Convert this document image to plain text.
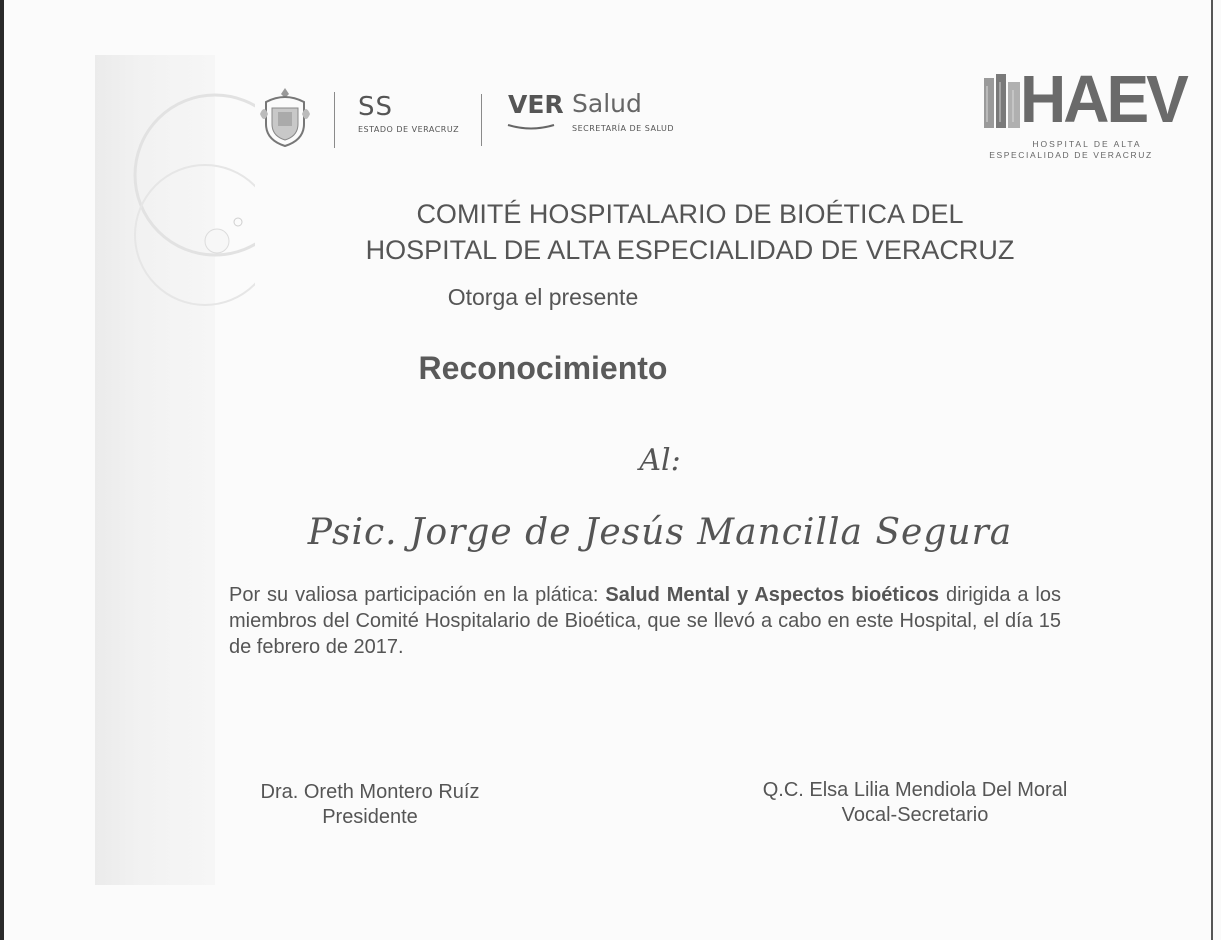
SS
ESTADO DE VERACRUZ
VER Salud
SECRETARÍA DE SALUD	HAEV
HOSPITAL DE ALTA
ESPECIALIDAD DE VERACRUZ
COMITÉ HOSPITALARIO DE BIOÉTICA DEL
HOSPITAL DE ALTA ESPECIALIDAD DE VERACRUZ
Otorga el presente
Reconocimiento
Al:
Psic. Jorge de Jesús Mancilla Segura
Por su valiosa participación en la plática: Salud Mental y Aspectos bioéticos dirigida a los miembros del Comité Hospitalario de Bioética, que se llevó a cabo en este Hospital, el día 15 de febrero de 2017.
Dra. Oreth Montero Ruíz
Presidente
Q.C. Elsa Lilia Mendiola Del Moral
Vocal-Secretario
